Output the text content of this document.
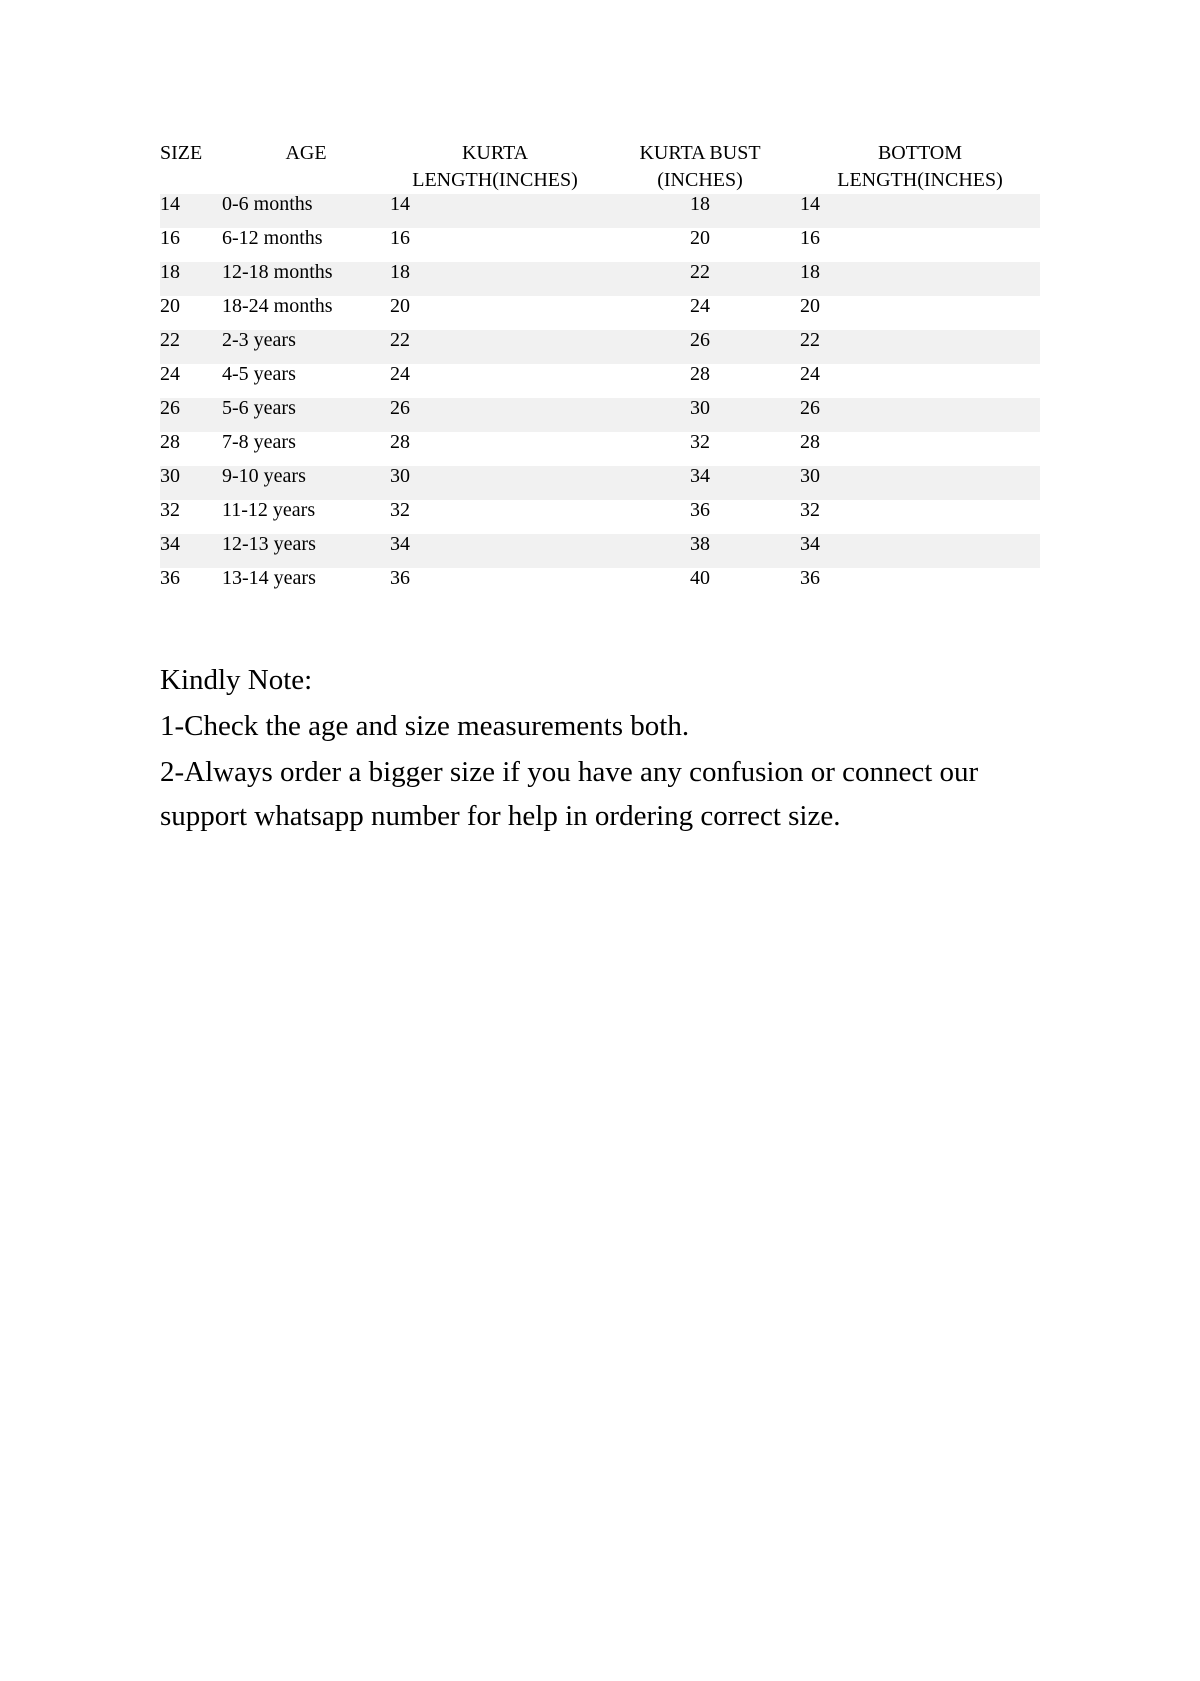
SIZE	AGE	KURTA LENGTH(INCHES)	KURTA BUST (INCHES)	BOTTOM LENGTH(INCHES)
14	0-6 months	14	18	14
16	6-12 months	16	20	16
18	12-18 months	18	22	18
20	18-24 months	20	24	20
22	2-3 years	22	26	22
24	4-5 years	24	28	24
26	5-6 years	26	30	26
28	7-8 years	28	32	28
30	9-10 years	30	34	30
32	11-12 years	32	36	32
34	12-13 years	34	38	34
36	13-14 years	36	40	36

Kindly Note:

1-Check the age and size measurements both.

2-Always order a bigger size if you have any confusion or connect our support whatsapp number for help in ordering correct size.
